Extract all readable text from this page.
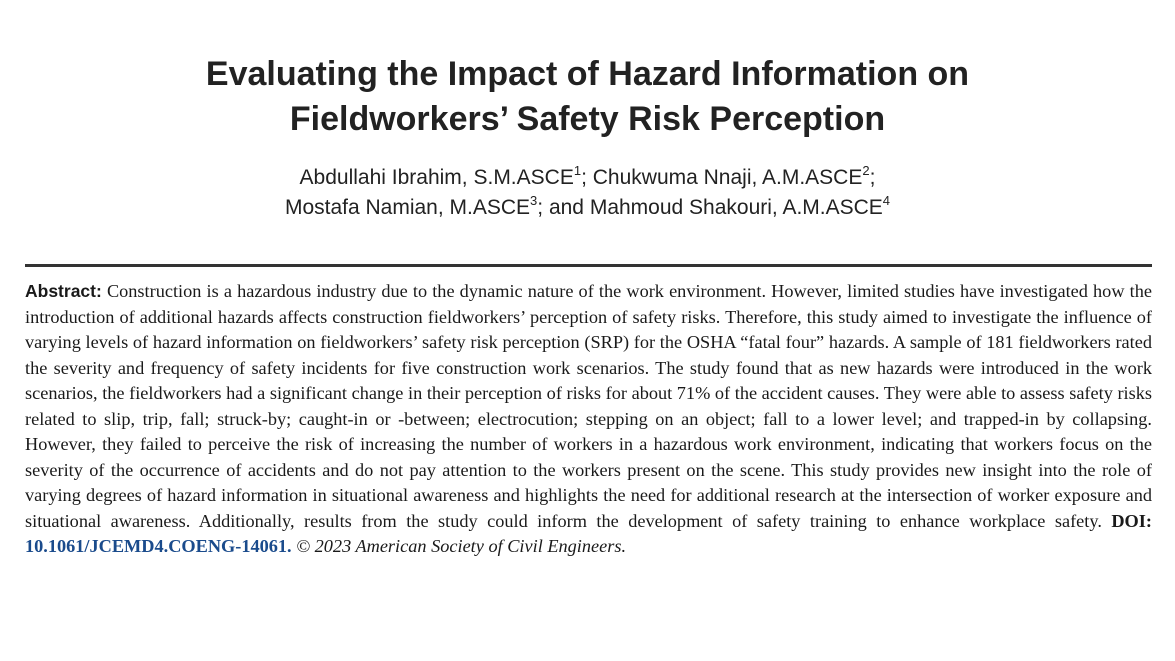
Evaluating the Impact of Hazard Information on
Fieldworkers’ Safety Risk Perception
Abdullahi Ibrahim, S.M.ASCE$^1$; Chukwuma Nnaji, A.M.ASCE$^2$;
Mostafa Namian, M.ASCE$^3$; and Mahmoud Shakouri, A.M.ASCE$^4$

Abstract: Construction is a hazardous industry due to the dynamic nature of the work environment. However, limited studies have investigated how the introduction of additional hazards affects construction fieldworkers’ perception of safety risks. Therefore, this study aimed to investigate the influence of varying levels of hazard information on fieldworkers’ safety risk perception (SRP) for the OSHA “fatal four” hazards. A sample of 181 fieldworkers rated the severity and frequency of safety incidents for five construction work scenarios. The study found that as new hazards were introduced in the work scenarios, the fieldworkers had a significant change in their perception of risks for about 71% of the accident causes. They were able to assess safety risks related to slip, trip, fall; struck-by; caught-in or -between; electrocution; stepping on an object; fall to a lower level; and trapped-in by collapsing. However, they failed to perceive the risk of increasing the number of workers in a hazardous work environment, indicating that workers focus on the severity of the occurrence of accidents and do not pay attention to the workers present on the scene. This study provides new insight into the role of varying degrees of hazard information in situational awareness and highlights the need for additional research at the intersection of worker exposure and situational awareness. Additionally, results from the study could inform the development of safety training to enhance workplace safety. DOI: 10.1061/JCEMD4.COENG-14061. © 2023 American Society of Civil Engineers.
